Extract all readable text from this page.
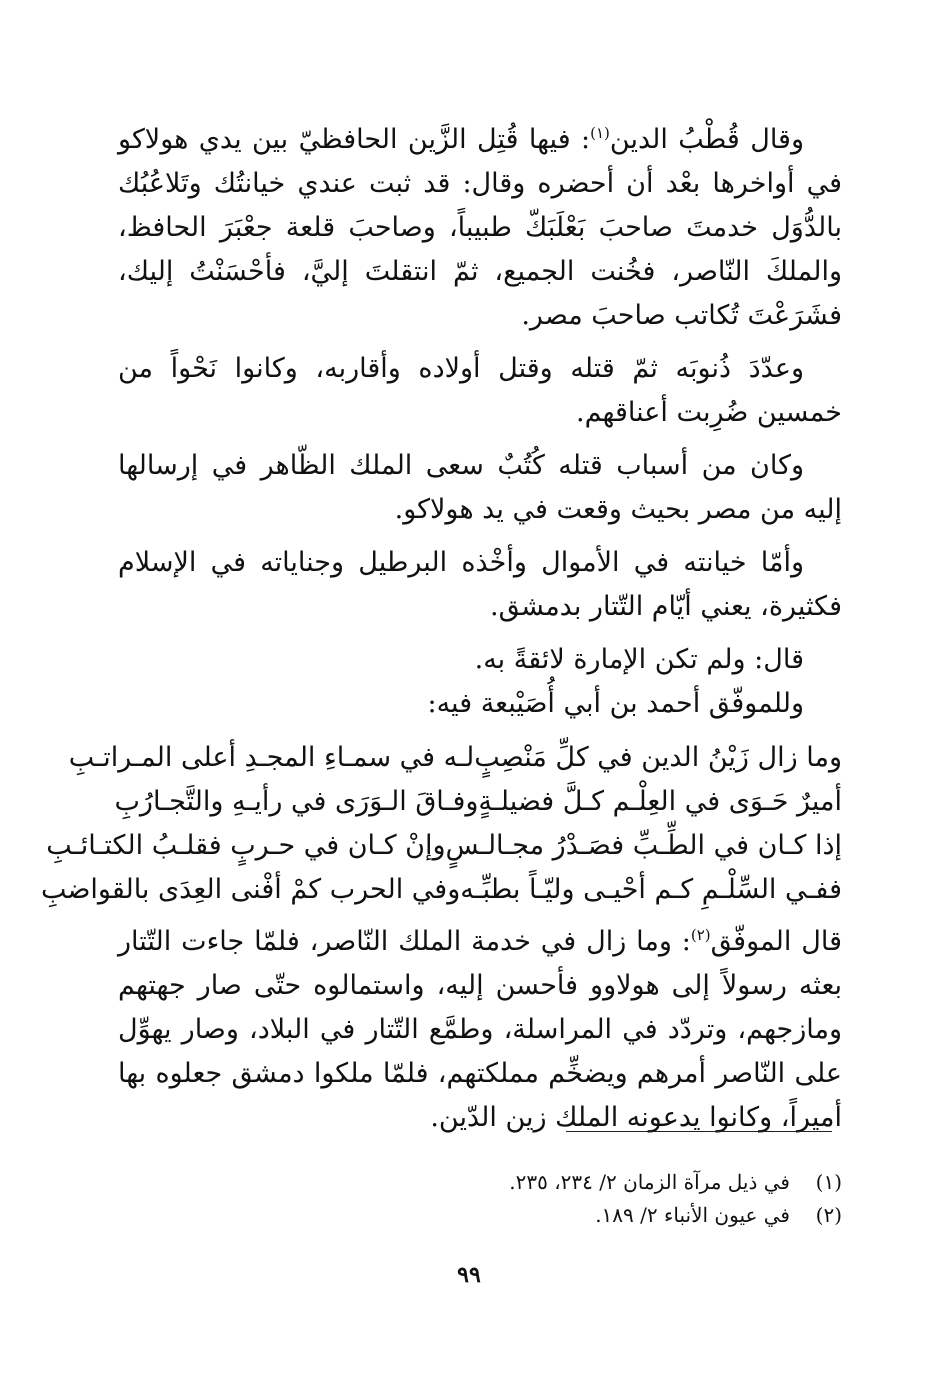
وقال قُطْبُ الدين$^{(١)}$: فيها قُتِل الزَّين الحافظيّ بين يدي هولاكو في أواخرها بعْد أن أحضره وقال: قد ثبت عندي خيانتُك وتَلاعُبُك بالدُّوَل خدمتَ صاحبَ بَعْلَبَكّ طبيباً، وصاحبَ قلعة جعْبَرَ الحافظ، والملكَ النّاصر، فخُنت الجميع، ثمّ انتقلتَ إليَّ، فأحْسَنْتُ إليك، فشَرَعْتَ تُكاتب صاحبَ مصر.

وعدّدَ ذُنوبَه ثمّ قتله وقتل أولاده وأقاربه، وكانوا نَحْواً من خمسين ضُرِبت أعناقهم.

وكان من أسباب قتله كُتُبٌ سعى الملك الظّاهر في إرسالها إليه من مصر بحيث وقعت في يد هولاكو.

وأمّا خيانته في الأموال وأخْذه البرطيل وجناياته في الإسلام فكثيرة، يعني أيّام التّتار بدمشق.

قال: ولم تكن الإمارة لائقةً به.
وللموفّق أحمد بن أبي أُصَيْبعة فيه:
وما زال زَيْنُ الدين في كلِّ مَنْصِبٍ
لـه في سمـاءِ المجـدِ أعلى المـراتـبِ
أميرٌ حَـوَى في العِلْـم كـلَّ فضيلـةٍ
وفـاقَ الـوَرَى في رأيـهِ والتَّجـارُبِ
إذا كـان في الطِّـبِّ فصَـدْرُ مجـالـسٍ
وإنْ كـان في حـربٍ فقلـبُ الكتـائـبِ
ففـي السِّلْـمِ كـم أحْيـى وليّـاً بطبِّـه
وفي الحرب كمْ أفْنى العِدَى بالقواضبِ

قال الموفّق$^{(٢)}$: وما زال في خدمة الملك النّاصر، فلمّا جاءت التّتار بعثه رسولاً إلى هولاوو فأحسن إليه، واستمالوه حتّى صار جهتهم ومازجهم، وتردّد في المراسلة، وطمَّع التّتار في البلاد، وصار يهوِّل على النّاصر أمرهم ويضخِّم مملكتهم، فلمّا ملكوا دمشق جعلوه بها أميراً، وكانوا يدعونه الملك زين الدّين.

(١)
في ذيل مرآة الزمان ٢/ ٢٣٤، ٢٣٥.
(٢)
في عيون الأنباء ٢/ ١٨٩.
٩٩
